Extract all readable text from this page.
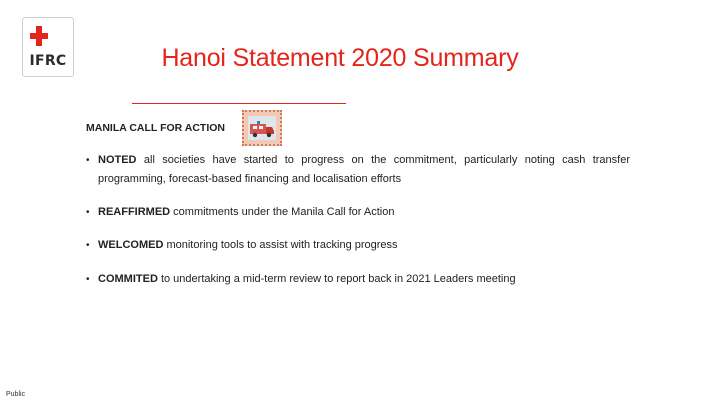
IFRC	Hanoi Statement 2020 Summary
MANILA CALL FOR ACTION
• NOTED all societies have started to progress on the commitment, particularly noting cash transfer programming, forecast-based financing and localisation efforts
• REAFFIRMED commitments under the Manila Call for Action
• WELCOMED monitoring tools to assist with tracking progress
• COMMITED to undertaking a mid-term review to report back in 2021 Leaders meeting
Public
